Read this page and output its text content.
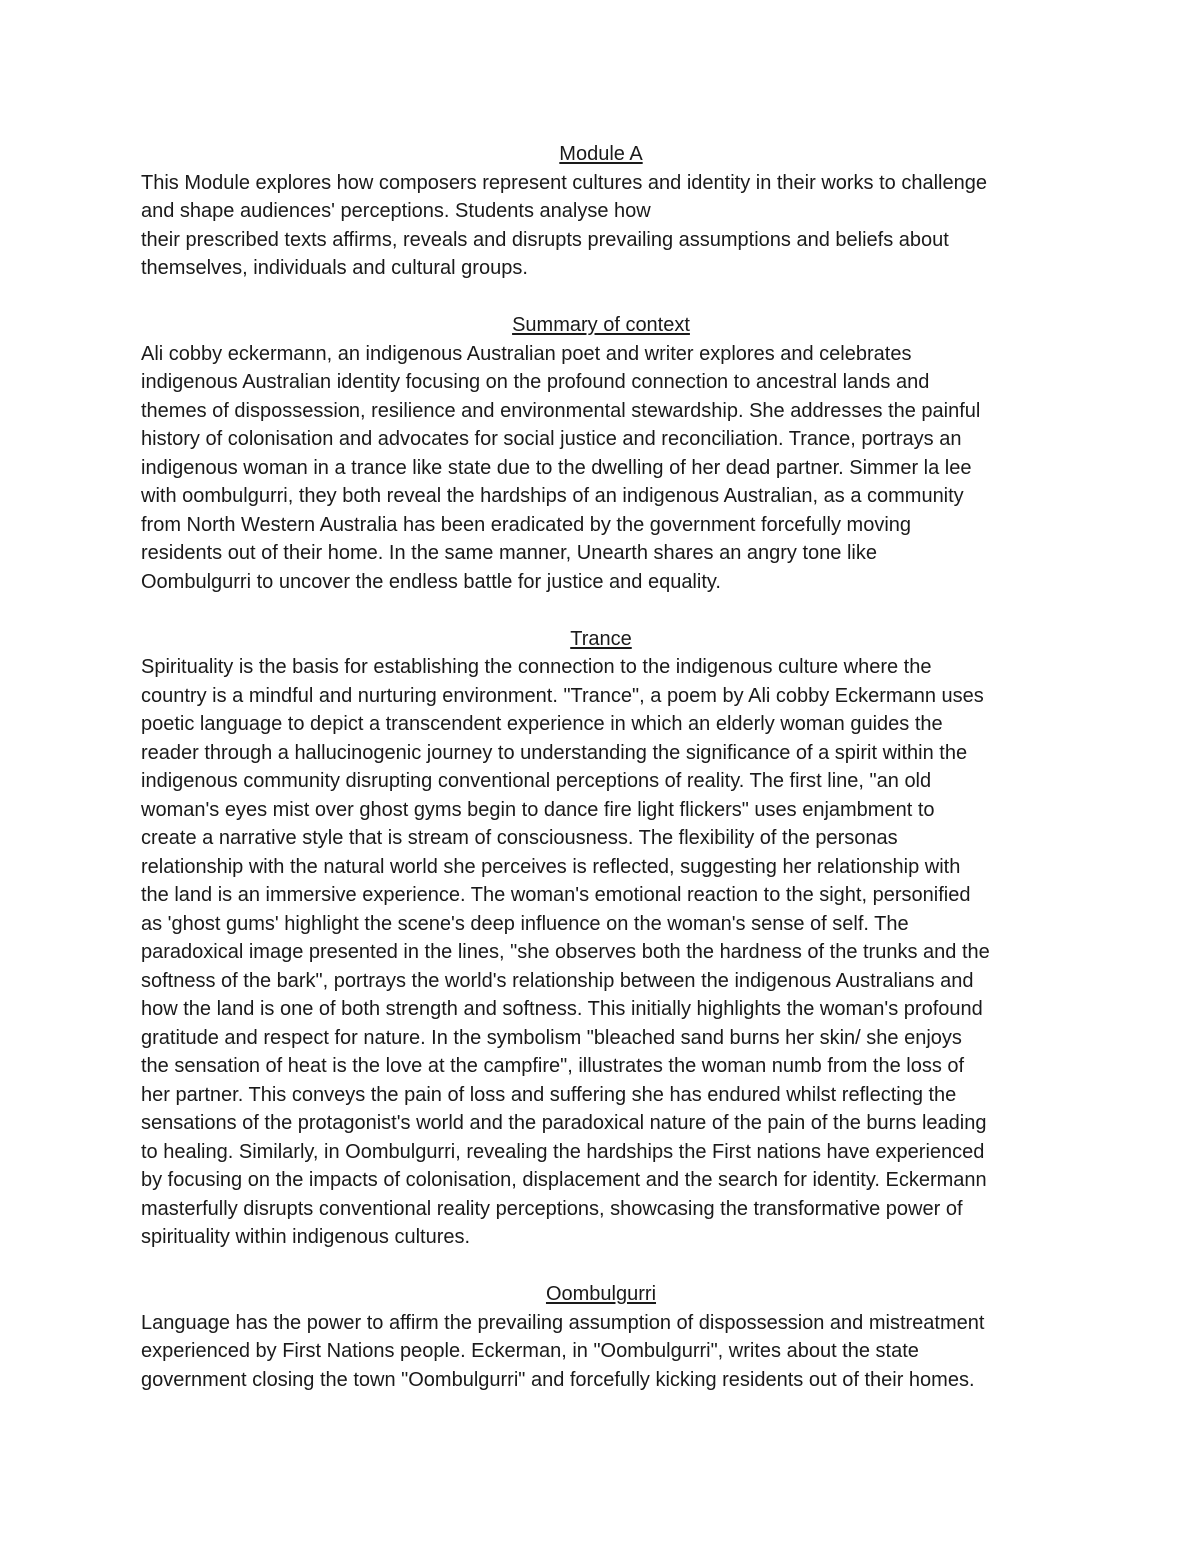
Module A
This Module explores how composers represent cultures and identity in their works to challenge
and shape audiences' perceptions. Students analyse how
their prescribed texts affirms, reveals and disrupts prevailing assumptions and beliefs about
themselves, individuals and cultural groups.
Summary of context
Ali cobby eckermann, an indigenous Australian poet and writer explores and celebrates
indigenous Australian identity focusing on the profound connection to ancestral lands and
themes of dispossession, resilience and environmental stewardship. She addresses the painful
history of colonisation and advocates for social justice and reconciliation. Trance, portrays an
indigenous woman in a trance like state due to the dwelling of her dead partner. Simmer la lee
with oombulgurri, they both reveal the hardships of an indigenous Australian, as a community
from North Western Australia has been eradicated by the government forcefully moving
residents out of their home. In the same manner, Unearth shares an angry tone like
Oombulgurri to uncover the endless battle for justice and equality.
Trance
Spirituality is the basis for establishing the connection to the indigenous culture where the
country is a mindful and nurturing environment. "Trance", a poem by Ali cobby Eckermann uses
poetic language to depict a transcendent experience in which an elderly woman guides the
reader through a hallucinogenic journey to understanding the significance of a spirit within the
indigenous community disrupting conventional perceptions of reality. The first line, "an old
woman's eyes mist over ghost gyms begin to dance fire light flickers" uses enjambment to
create a narrative style that is stream of consciousness. The flexibility of the personas
relationship with the natural world she perceives is reflected, suggesting her relationship with
the land is an immersive experience. The woman's emotional reaction to the sight, personified
as 'ghost gums' highlight the scene's deep influence on the woman's sense of self. The
paradoxical image presented in the lines, "she observes both the hardness of the trunks and the
softness of the bark", portrays the world's relationship between the indigenous Australians and
how the land is one of both strength and softness. This initially highlights the woman's profound
gratitude and respect for nature. In the symbolism "bleached sand burns her skin/ she enjoys
the sensation of heat is the love at the campfire", illustrates the woman numb from the loss of
her partner. This conveys the pain of loss and suffering she has endured whilst reflecting the
sensations of the protagonist's world and the paradoxical nature of the pain of the burns leading
to healing. Similarly, in Oombulgurri, revealing the hardships the First nations have experienced
by focusing on the impacts of colonisation, displacement and the search for identity. Eckermann
masterfully disrupts conventional reality perceptions, showcasing the transformative power of
spirituality within indigenous cultures.
Oombulgurri
Language has the power to affirm the prevailing assumption of dispossession and mistreatment
experienced by First Nations people. Eckerman, in "Oombulgurri", writes about the state
government closing the town "Oombulgurri" and forcefully kicking residents out of their homes.
